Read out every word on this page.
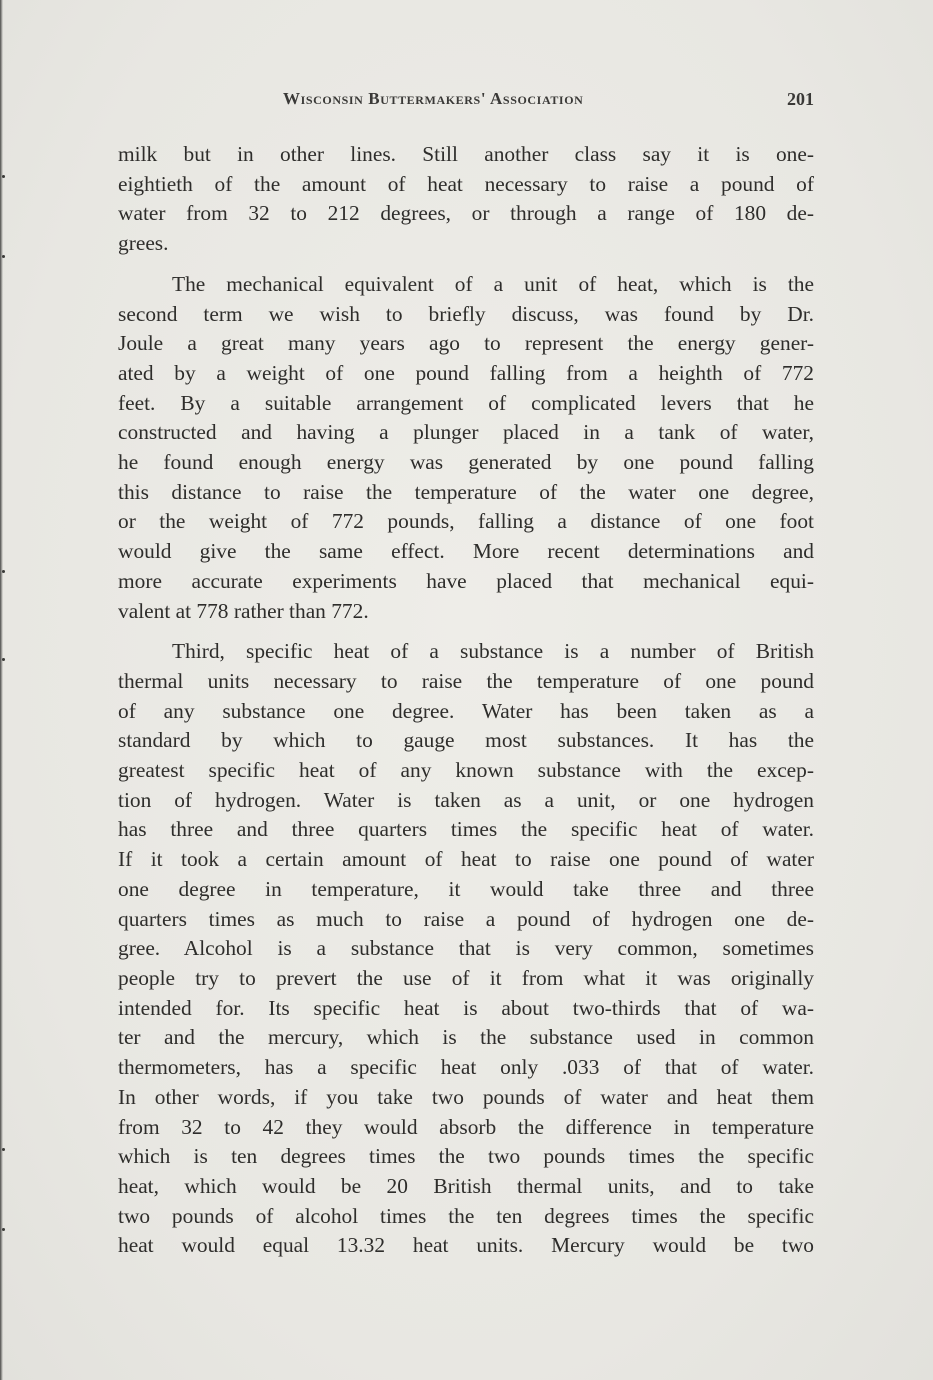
Wisconsin Buttermakers' Association	201
milk but in other lines. Still another class say it is one-
eightieth of the amount of heat necessary to raise a pound of
water from 32 to 212 degrees, or through a range of 180 de-
grees.
The mechanical equivalent of a unit of heat, which is the
second term we wish to briefly discuss, was found by Dr.
Joule a great many years ago to represent the energy gener-
ated by a weight of one pound falling from a heighth of 772
feet. By a suitable arrangement of complicated levers that he
constructed and having a plunger placed in a tank of water,
he found enough energy was generated by one pound falling
this distance to raise the temperature of the water one degree,
or the weight of 772 pounds, falling a distance of one foot
would give the same effect. More recent determinations and
more accurate experiments have placed that mechanical equi-
valent at 778 rather than 772.
Third, specific heat of a substance is a number of British
thermal units necessary to raise the temperature of one pound
of any substance one degree. Water has been taken as a
standard by which to gauge most substances. It has the
greatest specific heat of any known substance with the excep-
tion of hydrogen. Water is taken as a unit, or one hydrogen
has three and three quarters times the specific heat of water.
If it took a certain amount of heat to raise one pound of water
one degree in temperature, it would take three and three
quarters times as much to raise a pound of hydrogen one de-
gree. Alcohol is a substance that is very common, sometimes
people try to prevert the use of it from what it was originally
intended for. Its specific heat is about two-thirds that of wa-
ter and the mercury, which is the substance used in common
thermometers, has a specific heat only .033 of that of water.
In other words, if you take two pounds of water and heat them
from 32 to 42 they would absorb the difference in temperature
which is ten degrees times the two pounds times the specific
heat, which would be 20 British thermal units, and to take
two pounds of alcohol times the ten degrees times the specific
heat would equal 13.32 heat units. Mercury would be two
